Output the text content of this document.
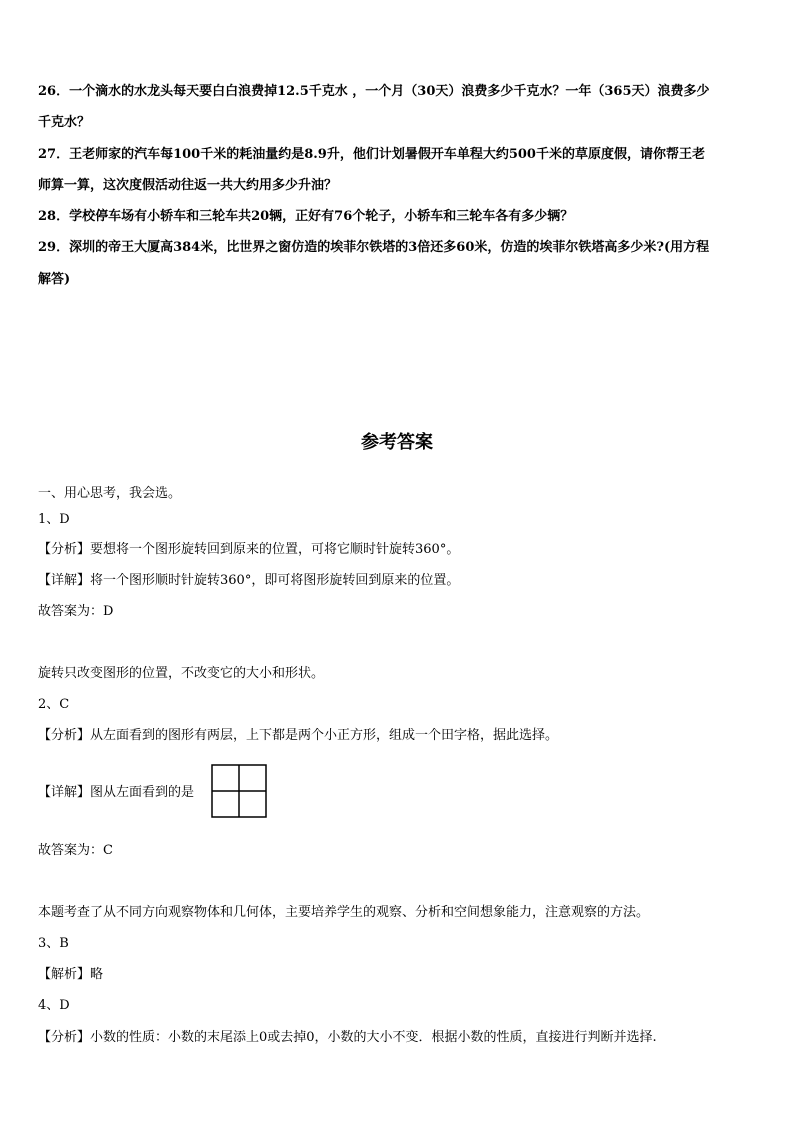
26．一个滴水的水龙头每天要白白浪费掉12.5千克水 ，一个月（30天）浪费多少千克水？一年（365天）浪费多少
千克水？
27．王老师家的汽车每100千米的耗油量约是8.9升，他们计划暑假开车单程大约500千米的草原度假，请你帮王老
师算一算，这次度假活动往返一共大约用多少升油？
28．学校停车场有小轿车和三轮车共20辆，正好有76个轮子，小轿车和三轮车各有多少辆？
29．深圳的帝王大厦高384米，比世界之窗仿造的埃菲尔铁塔的3倍还多60米，仿造的埃菲尔铁塔高多少米?(用方程
解答)
参考答案
一、用心思考，我会选。
1、D
【分析】要想将一个图形旋转回到原来的位置，可将它顺时针旋转360°。
【详解】将一个图形顺时针旋转360°，即可将图形旋转回到原来的位置。
故答案为：D
旋转只改变图形的位置，不改变它的大小和形状。
2、C
【分析】从左面看到的图形有两层，上下都是两个小正方形，组成一个田字格，据此选择。
【详解】图从左面看到的是
故答案为：C
本题考查了从不同方向观察物体和几何体，主要培养学生的观察、分析和空间想象能力，注意观察的方法。
3、B
【解析】略
4、D
【分析】小数的性质：小数的末尾添上0或去掉0，小数的大小不变．根据小数的性质，直接进行判断并选择.
